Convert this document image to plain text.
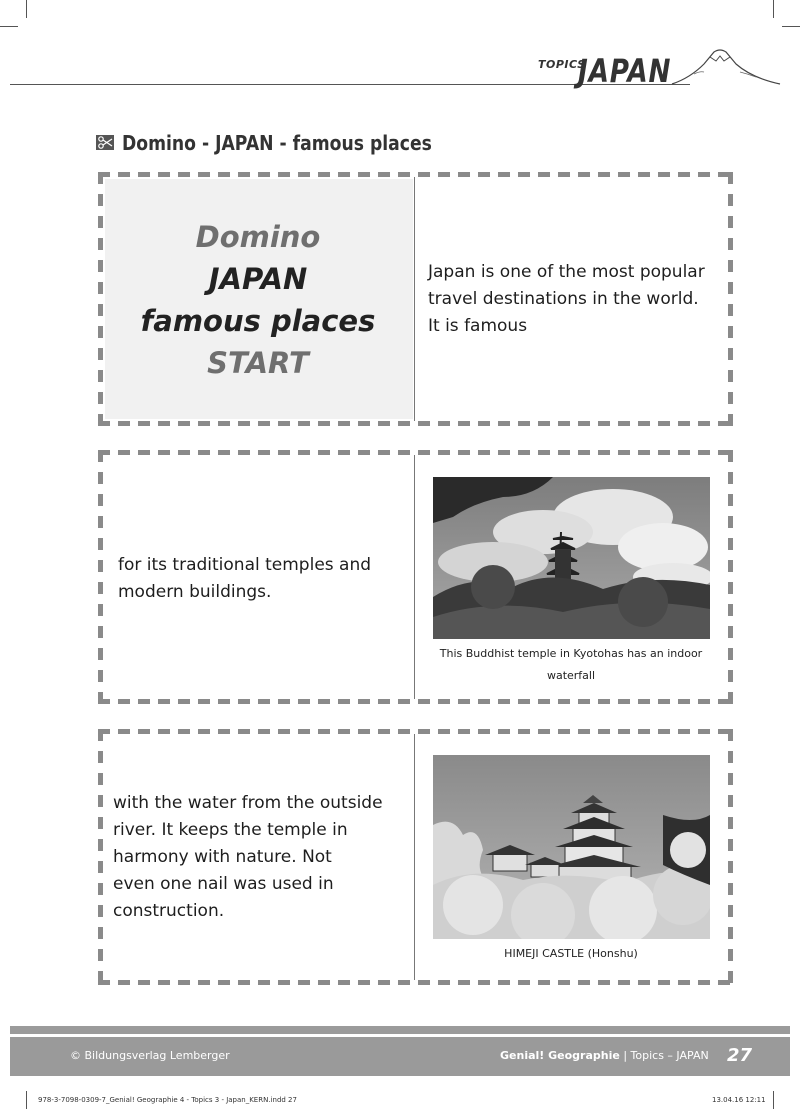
TOPICS
JAPAN
Domino - JAPAN - famous places
Domino
JAPAN
famous places
START
Japan is one of the most popular
travel destinations in the world.
It is famous
for its traditional temples and
modern buildings.
This Buddhist temple in Kyotohas has an indoor
waterfall
with the water from the outside
river. It keeps the temple in
harmony with nature. Not
even one nail was used in
construction.
HIMEJI CASTLE (Honshu)
© Bildungsverlag Lemberger	Genial! Geographie | Topics – JAPAN 27
978-3-7098-0309-7_Genial! Geographie 4 - Topics 3 - Japan_KERN.indd 27	13.04.16 12:11
